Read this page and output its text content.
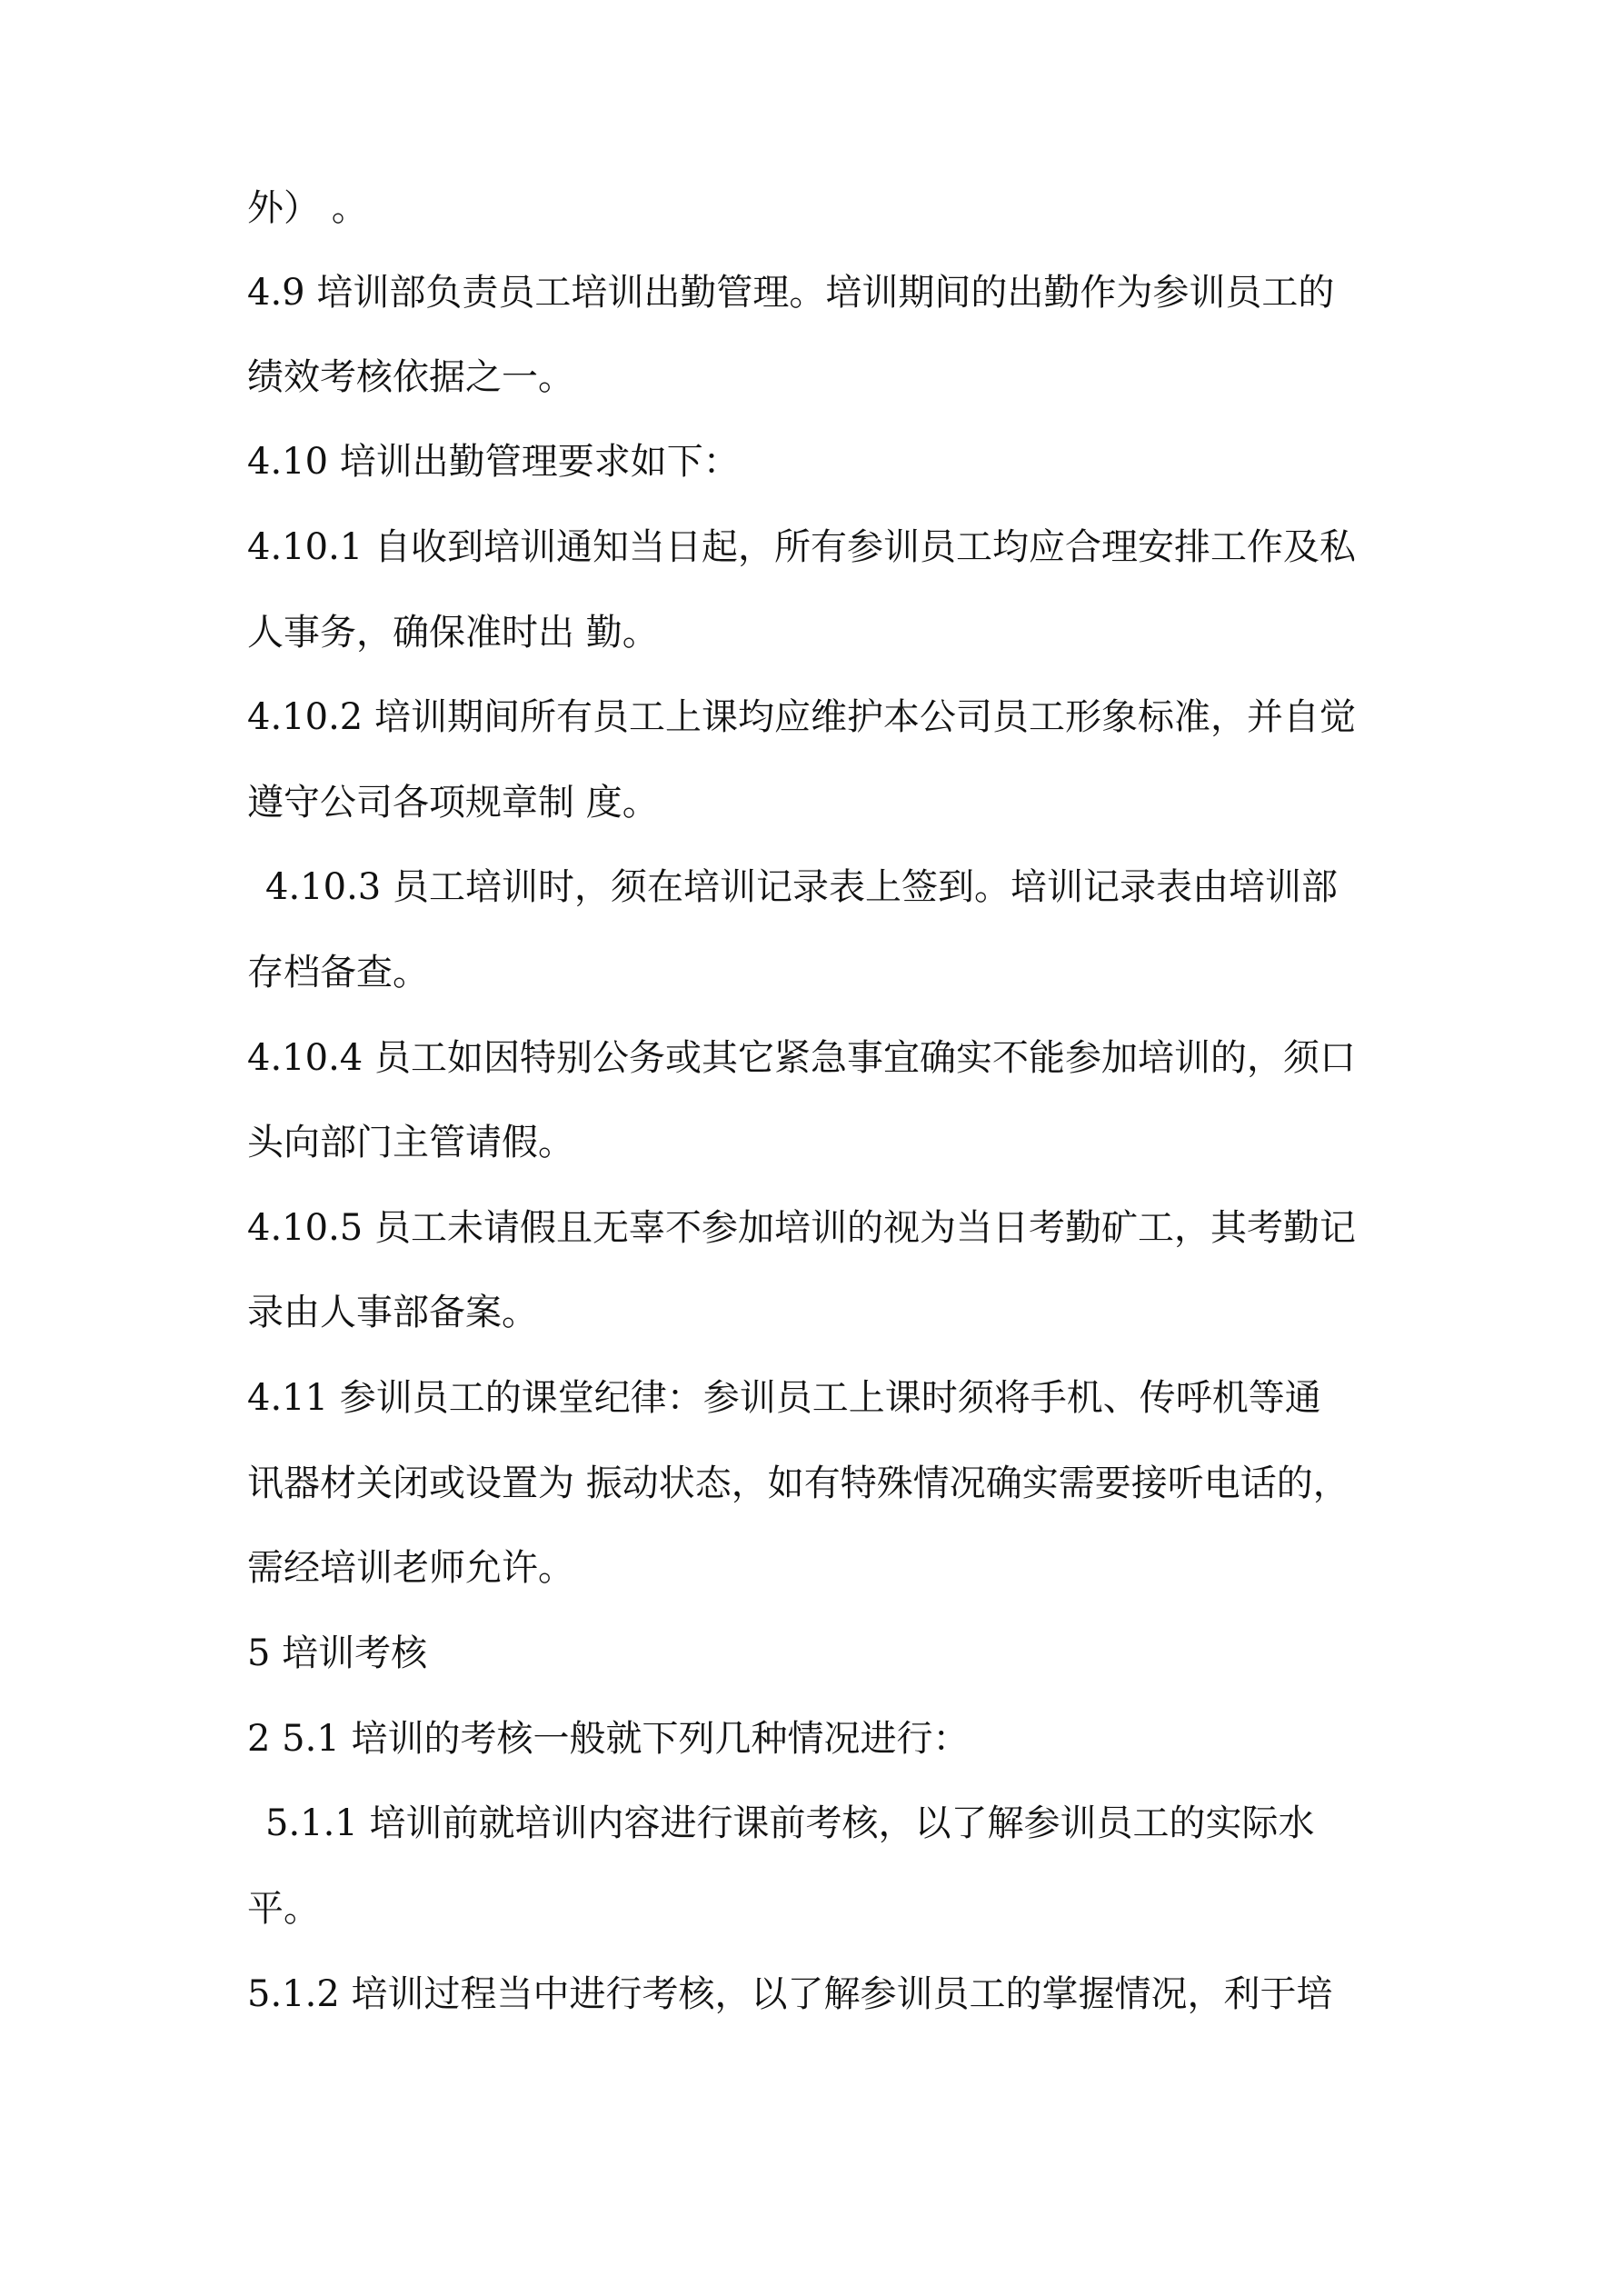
外） 。
4.9 培训部负责员工培训出勤管理。培训期间的出勤作为参训员工的
绩效考核依据之一。
4.10 培训出勤管理要求如下：
4.10.1 自收到培训通知当日起，所有参训员工均应合理安排工作及私
人事务，确保准时出 勤。
4.10.2 培训期间所有员工上课均应维护本公司员工形象标准，并自觉
遵守公司各项规章制 度。
4.10.3 员工培训时，须在培训记录表上签到。培训记录表由培训部
存档备查。
4.10.4 员工如因特别公务或其它紧急事宜确实不能参加培训的，须口
头向部门主管请假。
4.10.5 员工未请假且无辜不参加培训的视为当日考勤矿工，其考勤记
录由人事部备案。
4.11 参训员工的课堂纪律：参训员工上课时须将手机、传呼机等通
讯器材关闭或设置为 振动状态，如有特殊情况确实需要接听电话的，
需经培训老师允许。
5 培训考核
2 5.1 培训的考核一般就下列几种情况进行：
5.1.1 培训前就培训内容进行课前考核，以了解参训员工的实际水
平。
5.1.2 培训过程当中进行考核，以了解参训员工的掌握情况，利于培
